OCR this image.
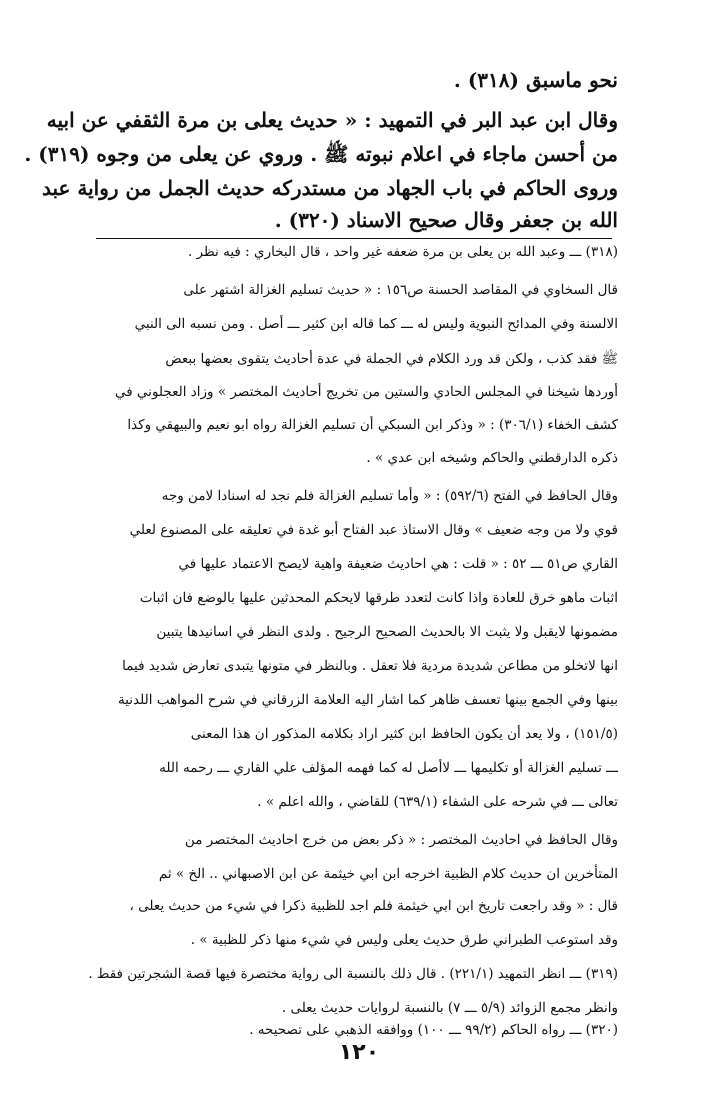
نحو ماسبق (٣١٨) .
وقال ابن عبد البر في التمهيد : « حديث يعلى بن مرة الثقفي عن ابيه
من أحسن ماجاء في اعلام نبوته ﷺ . وروي عن يعلى من وجوه (٣١٩) .
وروى الحاكم في باب الجهاد من مستدركه حديث الجمل من رواية عبد
الله بن جعفر وقال صحيح الاسناد (٣٢٠) .
(٣١٨) ـــ وعبد الله بن يعلى بن مرة ضعفه غير واحد ، قال البخاري : فيه نظر .
قال السخاوي في المقاصد الحسنة ص١٥٦ : « حديث تسليم الغزالة اشتهر على
الالسنة وفي المدائح النبوية وليس له ـــ كما قاله ابن كثير ـــ أصل . ومن نسبه الى النبي
ﷺ فقد كذب ، ولكن قد ورد الكلام في الجملة في عدة أحاديث يتقوى بعضها ببعض
أوردها شيخنا في المجلس الحادي والستين من تخريج أحاديث المختصر » وزاد العجلوني في
كشف الخفاء (٣٠٦/١) : « وذكر ابن السبكي أن تسليم الغزالة رواه ابو نعيم والبيهقي وكذا
ذكره الدارقطني والحاكم وشيخه ابن عدي » .
وقال الحافظ في الفتح (٥٩٢/٦) : « وأما تسليم الغزالة فلم نجد له اسنادا لامن وجه
قوي ولا من وجه ضعيف » وقال الاستاذ عبد الفتاح أبو غدة في تعليقه على المصنوع لعلي
القاري ص٥١ ـــ ٥٢ : « قلت : هي احاديث ضعيفة واهية لايصح الاعتماد عليها في
اثبات ماهو خرق للعادة واذا كانت لتعدد طرقها لايحكم المحدثين عليها بالوضع فان اثبات
مضمونها لايقبل ولا يثبت الا بالحديث الصحيح الرجيح . ولدى النظر في اسانيدها يتبين
انها لاتخلو من مطاعن شديدة مردية فلا تعقل . وبالنظر في متونها يتبدى تعارض شديد فيما
بينها وفي الجمع بينها تعسف ظاهر كما اشار اليه العلامة الزرقاني في شرح المواهب اللدنية
(١٥١/٥) ، ولا يعد أن يكون الحافظ ابن كثير اراد بكلامه المذكور ان هذا المعنى
ـــ تسليم الغزالة أو تكليمها ـــ لاأصل له كما فهمه المؤلف علي القاري ـــ رحمه الله
تعالى ـــ في شرحه على الشفاء (٦٣٩/١) للقاضي ، والله اعلم » .
وقال الحافظ في احاديث المختصر : « ذكر بعض من خرج احاديث المختصر من
المتأخرين ان حديث كلام الظبية اخرجه ابن ابي خيثمة عن ابن الاصبهاني .. الخ » ثم
قال : « وقد راجعت تاريخ ابن ابي خيثمة فلم اجد للظبية ذكرا في شيء من حديث يعلى ،
وقد استوعب الطبراني طرق حديث يعلى وليس في شيء منها ذكر للظبية » .
(٣١٩) ـــ انظر التمهيد (٢٢١/١) . قال ذلك بالنسبة الى رواية مختصرة فيها قصة الشجرتين فقط .
وانظر مجمع الزوائد (٥/٩ ـــ ٧) بالنسبة لروايات حديث يعلى .
(٣٢٠) ـــ رواه الحاكم (٩٩/٢ ـــ ١٠٠) ووافقه الذهبي على تصحيحه .
١٢٠
